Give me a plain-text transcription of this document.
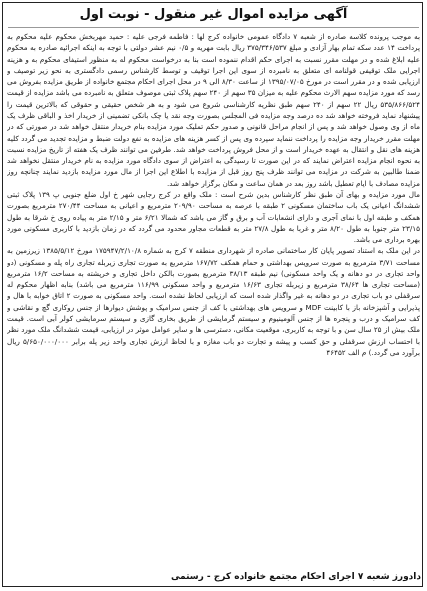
آگهی مزایده اموال غیر منقول - نوبت اول

به موجب پرونده کلاسه صادره از شعبه ۷ دادگاه عمومی خانواده کرج لها : فاطمه فرجی علیه : حمید مهربخش محکوم علیه محکوم به پرداخت ۱۴ عدد سکه تمام بهار آزادی و مبلغ ۳۷۵/۳۴۶/۵۳۷ ریال بابت مهریه و ۰/۵ نیم عشر دولتی با توجه به اینکه اجرائیه صادره به محکوم علیه ابلاغ شده و در مهلت مقرر نسبت به اجرای حکم اقدام ننموده است بنا به درخواست محکوم له به منظور استیفای محکوم به و هزینه اجرایی ملک توقیفی قولنامه ای متعلق به نامبرده از سوی این اجرا توقیف و توسط کارشناس رسمی دادگستری به نحو زیر توصیف و ارزیابی شده و در مقرر است در مورخ ۱۳۹۵/۰۷/۰۵ از ساعت ۸/۳۰ الی ۹ در محل اجرای احکام مجتمع خانواده از طریق مزایده بفروش می رسد که مورد مزایده سهم الارث محکوم علیه به میزان ۳۵ سهم از ۲۴۰ سهم پلاک ثبتی موصوف متعلق به نامبرده می باشد مزایده از قیمت ۵۳۵/۸۶۶/۵۲۴ ریال ۲۲ سهم از ۲۴۰ سهم طبق نظریه کارشناسی شروع می شود و به هر شخص حقیقی و حقوقی که بالاترین قیمت را پیشنهاد نماید فروخته خواهد شد ده درصد وجه مزایده فی المجلس بصورت وجه نقد یا چک بانکی تضمینی از خریدار اخذ و الباقی ظرف یک ماه از وی وصول خواهد شد و پس از انجام مراحل قانونی و صدور حکم تملیک مورد مزایده بنام خریدار منتقل خواهد شد در صورتی که در مهلت مقرر خریدار وجه مزایده را پرداخت ننماید سپرده وی پس از کسر هزینه های مزایده به نفع دولت ضبط و مزایده تجدید می گردد کلیه هزینه های نقل و انتقال به عهده خریدار است و از محل فروش پرداخت خواهد شد. طرفین می توانند ظرف یک هفته از تاریخ مزایده نسبت به نحوه انجام مزایده اعتراض نمایند که در این صورت تا رسیدگی به اعتراض از سوی دادگاه مورد مزایده به نام خریدار منتقل نخواهد شد ضمنا طالبین به شرکت در مزایده می توانند ظرف پنج روز قبل از مزایده با اطلاع این اجرا از مال مورد مزایده بازدید نمایند چنانچه روز مزایده مصادف با ایام تعطیل باشد روز بعد در همان ساعت و مکان برگزار خواهد شد.

مال مورد مزایده و بهای آن طبق نظر کارشناس بدین شرح است : ملک واقع در کرج رجایی شهر خ اول ضلع جنوبی پ ۱۳۹ پلاک ثبتی ششدانگ اعیانی یک باب ساختمان مسکونی ۲ طبقه با عرصه به مساحت ۲۰۹/۹۰ مترمربع و اعیانی به مساحت ۲۷۰/۴۴ مترمربع بصورت همکف و طبقه اول با نمای آجری و دارای انشعابات آب و برق و گاز می باشد که شمالا ۶/۲۱ متر و ۲/۱۵ متر به پیاده روی خ شرقا به طول ۲۳/۱۵ متر جنوبا به طول ۸/۲۰ متر و غربا به طول ۲۷/۸ متر به قطعات مجاور محدود می گردد که در زمان بازدید با کاربری مسکونی مورد بهره برداری می باشد.

در این ملک به استناد تصویر پایان کار ساختمانی صادره از شهرداری منطقه ۷ کرج به شماره ۱۷۵۹۴۷/۲/۱۰/۸ مورخ ۱۳۸۵/۵/۱۲ زیرزمین به مساحت ۳/۷۱ مترمربع به صورت سرویس بهداشتی و حمام همکف ۱۶۷/۷۲ مترمربع به صورت تجاری زیربله تجاری راه پله و مسکونی (دو واحد تجاری در دو دهانه و یک واحد مسکونی) نیم طبقه ۳۸/۱۳ مترمربع بصورت بالکن داخل تجاری و خرپشته به مساحت ۱۶/۲ مترمربع (مساحت تجاری ها ۳۸/۶۴ مترمربع و زیربله تجاری ۱۶/۶۳ مترمربع و واحد مسکونی ۱۱۶/۹۹ مترمربع می باشد) بنابه اظهار محکوم له سرقفلی دو باب تجاری در دو دهانه به غیر واگذار شده است که ارزیابی لحاظ نشده است. واحد مسکونی به صورت ۲ اتاق خوابه با هال و پذیرایی و آشپزخانه باز با کابینت MDF و سرویس های بهداشتی با کف از جنس سرامیک و پوشش دیوارها از جنس روکاری گچ و نقاشی و کف سرامیک و درب و پنجره ها از جنس آلومینیوم و سیستم گرمایشی از طریق بخاری گازی و سیستم سرمایشی کولر آبی است. قیمت ملک بیش از ۲۵ سال سن و با توجه به کاربری، موقعیت مکانی، دسترسی ها و سایر عوامل موثر در ارزیابی، قیمت ششدانگ ملک مورد نظر با احتساب ارزش سرقفلی و حق کسب و پیشه و تجارت دو باب مغازه و با لحاظ ارزش تجاری واحد زیر پله برابر ۵/۶۵۰/۰۰۰/۰۰۰ ریال برآورد می گردد.) م الف ۴۶۴۵۲

دادورز شعبه ۷ اجرای احکام مجتمع خانواده کرج - رستمی
